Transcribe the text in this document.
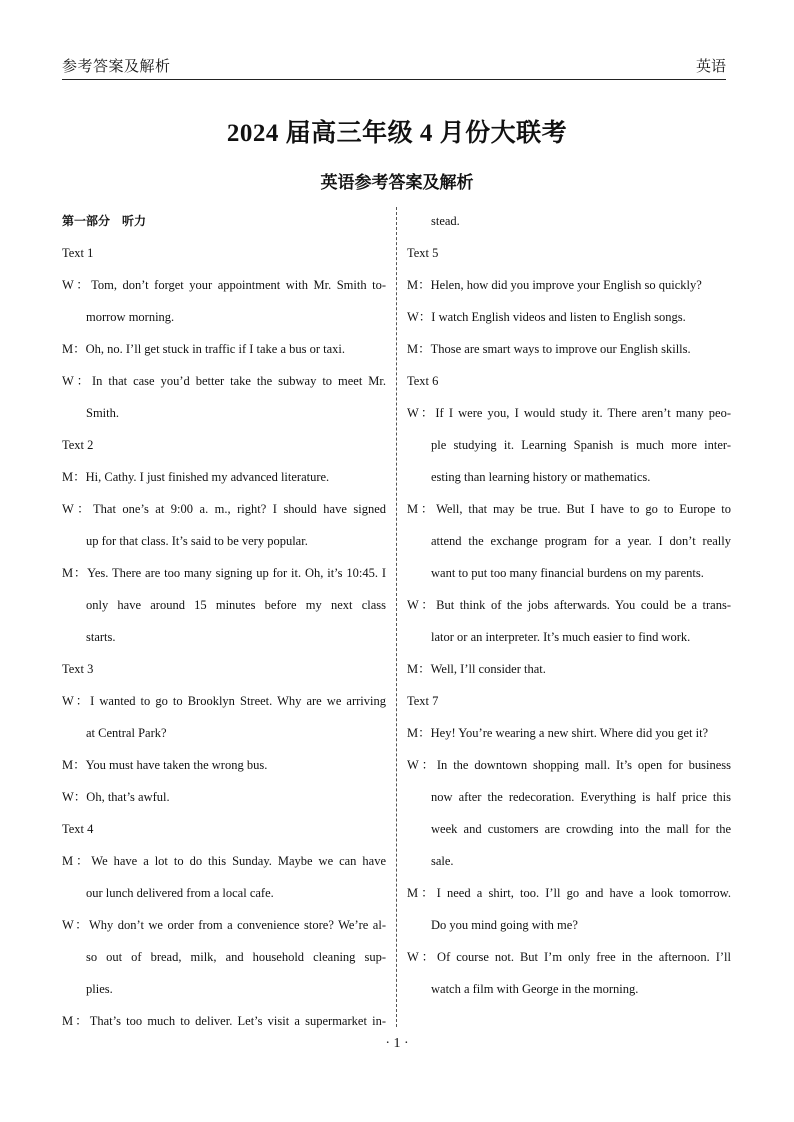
参考答案及解析	英语
2024 届高三年级 4 月份大联考
英语参考答案及解析
第一部分　听力
Text 1
W：Tom, don’t forget your appointment with Mr. Smith to-
morrow morning.
M：Oh, no. I’ll get stuck in traffic if I take a bus or taxi.
W：In that case you’d better take the subway to meet Mr.
Smith.
Text 2
M：Hi, Cathy. I just finished my advanced literature.
W：That one’s at 9:00 a. m., right? I should have signed
up for that class. It’s said to be very popular.
M：Yes. There are too many signing up for it. Oh, it’s 10:45. I
only have around 15 minutes before my next class
starts.
Text 3
W：I wanted to go to Brooklyn Street. Why are we arriving
at Central Park?
M：You must have taken the wrong bus.
W：Oh, that’s awful.
Text 4
M：We have a lot to do this Sunday. Maybe we can have
our lunch delivered from a local cafe.
W：Why don’t we order from a convenience store? We’re al-
so out of bread, milk, and household cleaning sup-
plies.
M：That’s too much to deliver. Let’s visit a supermarket in-
stead.
Text 5
M：Helen, how did you improve your English so quickly?
W：I watch English videos and listen to English songs.
M：Those are smart ways to improve our English skills.
Text 6
W：If I were you, I would study it. There aren’t many peo-
ple studying it. Learning Spanish is much more inter-
esting than learning history or mathematics.
M：Well, that may be true. But I have to go to Europe to
attend the exchange program for a year. I don’t really
want to put too many financial burdens on my parents.
W：But think of the jobs afterwards. You could be a trans-
lator or an interpreter. It’s much easier to find work.
M：Well, I’ll consider that.
Text 7
M：Hey! You’re wearing a new shirt. Where did you get it?
W：In the downtown shopping mall. It’s open for business
now after the redecoration. Everything is half price this
week and customers are crowding into the mall for the
sale.
M：I need a shirt, too. I’ll go and have a look tomorrow.
Do you mind going with me?
W：Of course not. But I’m only free in the afternoon. I’ll
watch a film with George in the morning.
· 1 ·
